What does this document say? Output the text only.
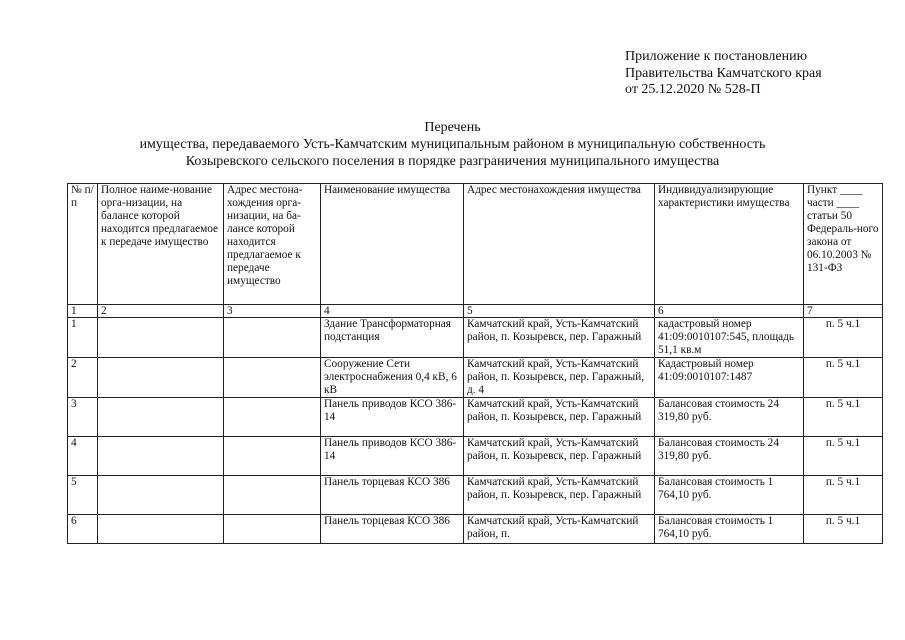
Приложение к постановлению
Правительства Камчатского края
от 25.12.2020 № 528-П
Перечень
имущества, передаваемого Усть-Камчатским муниципальным районом в муниципальную собственность
Козыревского сельского поселения в порядке разграничения муниципального имущества
№ п/п	Полное наиме-нование орга-низации, на балансе которой находится предлагаемое к передаче имущество	Адрес местона-хождения орга-низации, на ба-лансе которой находится предлагаемое к передаче имущество	Наименование имущества	Адрес местонахождения имущества	Индивидуализирующие характеристики имущества	Пункт ____ части ____ статьи 50 Федераль-ного закона от 06.10.2003 № 131-ФЗ
1	2	3	4	5	6	7
1			Здание Трансформаторная подстанция	Камчатский край, Усть-Камчатский район, п. Козыревск, пер. Гаражный	кадастровый номер 41:09:0010107:545, площадь 51,1 кв.м	п. 5 ч.1
2			Сооружение Сети электроснабжения 0,4 кВ, 6 кВ	Камчатский край, Усть-Камчатский район, п. Козыревск, пер. Гаражный, д. 4	Кадастровый номер 41:09:0010107:1487	п. 5 ч.1
3			Панель приводов КСО 386-14	Камчатский край, Усть-Камчатский район, п. Козыревск, пер. Гаражный	Балансовая стоимость 24 319,80 руб.	п. 5 ч.1
4			Панель приводов КСО 386-14	Камчатский край, Усть-Камчатский район, п. Козыревск, пер. Гаражный	Балансовая стоимость 24 319,80 руб.	п. 5 ч.1
5			Панель торцевая КСО 386	Камчатский край, Усть-Камчатский район, п. Козыревск, пер. Гаражный	Балансовая стоимость 1 764,10 руб.	п. 5 ч.1
6			Панель торцевая КСО 386	Камчатский край, Усть-Камчатский район, п.	Балансовая стоимость 1 764,10 руб.	п. 5 ч.1
